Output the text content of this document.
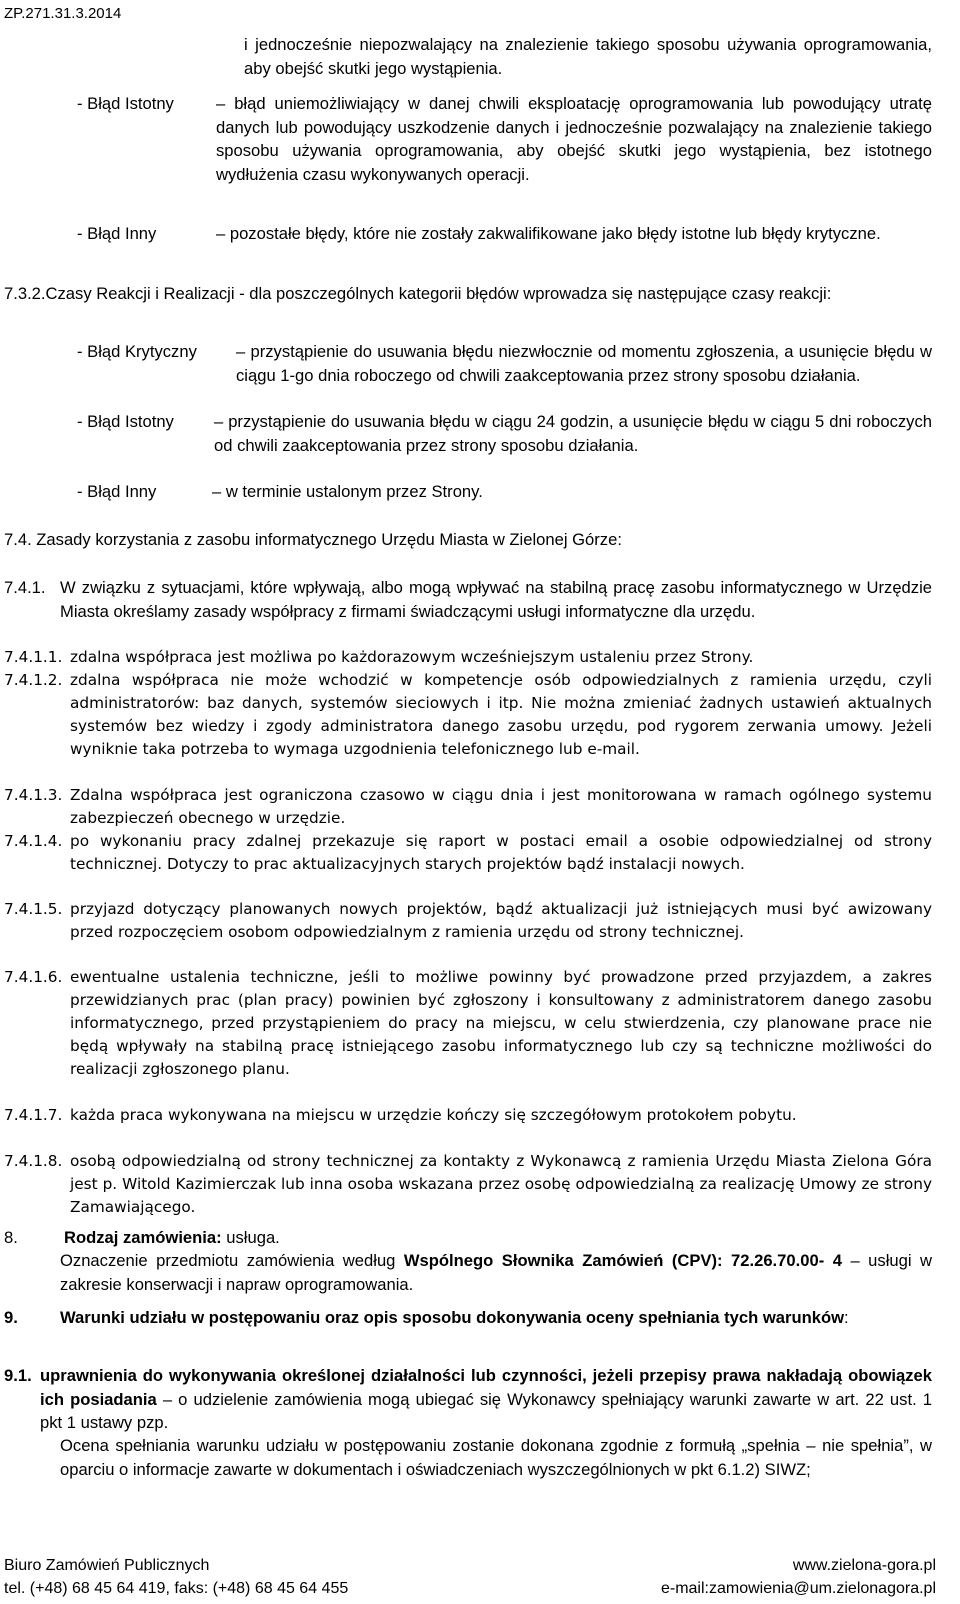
ZP.271.31.3.2014
i jednocześnie niepozwalający na znalezienie takiego sposobu używania oprogramowania, aby obejść skutki jego wystąpienia.
- Błąd Istotny	– błąd uniemożliwiający w danej chwili eksploatację oprogramowania lub powodujący utratę danych lub powodujący uszkodzenie danych i jednocześnie pozwalający na znalezienie takiego sposobu używania oprogramowania, aby obejść skutki jego wystąpienia, bez istotnego wydłużenia czasu wykonywanych operacji.
- Błąd Inny	– pozostałe błędy, które nie zostały zakwalifikowane jako błędy istotne lub błędy krytyczne.
7.3.2.Czasy Reakcji i Realizacji - dla poszczególnych kategorii błędów wprowadza się następujące czasy reakcji:
- Błąd Krytyczny – przystąpienie do usuwania błędu niezwłocznie od momentu zgłoszenia, a usunięcie błędu w ciągu 1-go dnia roboczego od chwili zaakceptowania przez strony sposobu działania.
- Błąd Istotny – przystąpienie do usuwania błędu w ciągu 24 godzin, a usunięcie błędu w ciągu 5 dni roboczych od chwili zaakceptowania przez strony sposobu działania.
- Błąd Inny	– w terminie ustalonym przez Strony.
7.4. Zasady korzystania z zasobu informatycznego Urzędu Miasta w Zielonej Górze:
7.4.1. W związku z sytuacjami, które wpływają, albo mogą wpływać na stabilną pracę zasobu informatycznego w Urzędzie Miasta określamy zasady współpracy z firmami świadczącymi usługi informatyczne dla urzędu.
7.4.1.1. zdalna współpraca jest możliwa po każdorazowym wcześniejszym ustaleniu przez Strony.
7.4.1.2. zdalna współpraca nie może wchodzić w kompetencje osób odpowiedzialnych z ramienia urzędu, czyli administratorów: baz danych, systemów sieciowych i itp. Nie można zmieniać żadnych ustawień aktualnych systemów bez wiedzy i zgody administratora danego zasobu urzędu, pod rygorem zerwania umowy. Jeżeli wyniknie taka potrzeba to wymaga uzgodnienia telefonicznego lub e-mail.
7.4.1.3. Zdalna współpraca jest ograniczona czasowo w ciągu dnia i jest monitorowana w ramach ogólnego systemu zabezpieczeń obecnego w urzędzie.
7.4.1.4. po wykonaniu pracy zdalnej przekazuje się raport w postaci email a osobie odpowiedzialnej od strony technicznej. Dotyczy to prac aktualizacyjnych starych projektów bądź instalacji nowych.
7.4.1.5. przyjazd dotyczący planowanych nowych projektów, bądź aktualizacji już istniejących musi być awizowany przed rozpoczęciem osobom odpowiedzialnym z ramienia urzędu od strony technicznej.
7.4.1.6. ewentualne ustalenia techniczne, jeśli to możliwe powinny być prowadzone przed przyjazdem, a zakres przewidzianych prac (plan pracy) powinien być zgłoszony i konsultowany z administratorem danego zasobu informatycznego, przed przystąpieniem do pracy na miejscu, w celu stwierdzenia, czy planowane prace nie będą wpływały na stabilną pracę istniejącego zasobu informatycznego lub czy są techniczne możliwości do realizacji zgłoszonego planu.
7.4.1.7. każda praca wykonywana na miejscu w urzędzie kończy się szczegółowym protokołem pobytu.
7.4.1.8. osobą odpowiedzialną od strony technicznej za kontakty z Wykonawcą z ramienia Urzędu Miasta Zielona Góra jest p. Witold Kazimierczak lub inna osoba wskazana przez osobę odpowiedzialną za realizację Umowy ze strony Zamawiającego.
8.	Rodzaj zamówienia: usługa.
Oznaczenie przedmiotu zamówienia według Wspólnego Słownika Zamówień (CPV): 72.26.70.00- 4 – usługi w zakresie konserwacji i napraw oprogramowania.
9.	Warunki udziału w postępowaniu oraz opis sposobu dokonywania oceny spełniania tych warunków:
9.1. uprawnienia do wykonywania określonej działalności lub czynności, jeżeli przepisy prawa nakładają obowiązek ich posiadania – o udzielenie zamówienia mogą ubiegać się Wykonawcy spełniający warunki zawarte w art. 22 ust. 1 pkt 1 ustawy pzp.
Ocena spełniania warunku udziału w postępowaniu zostanie dokonana zgodnie z formułą „spełnia – nie spełnia”, w oparciu o informacje zawarte w dokumentach i oświadczeniach wyszczególnionych w pkt 6.1.2) SIWZ;
Biuro Zamówień Publicznych
tel. (+48) 68 45 64 419, faks: (+48) 68 45 64 455
www.zielona-gora.pl
e-mail:zamowienia@um.zielonagora.pl
